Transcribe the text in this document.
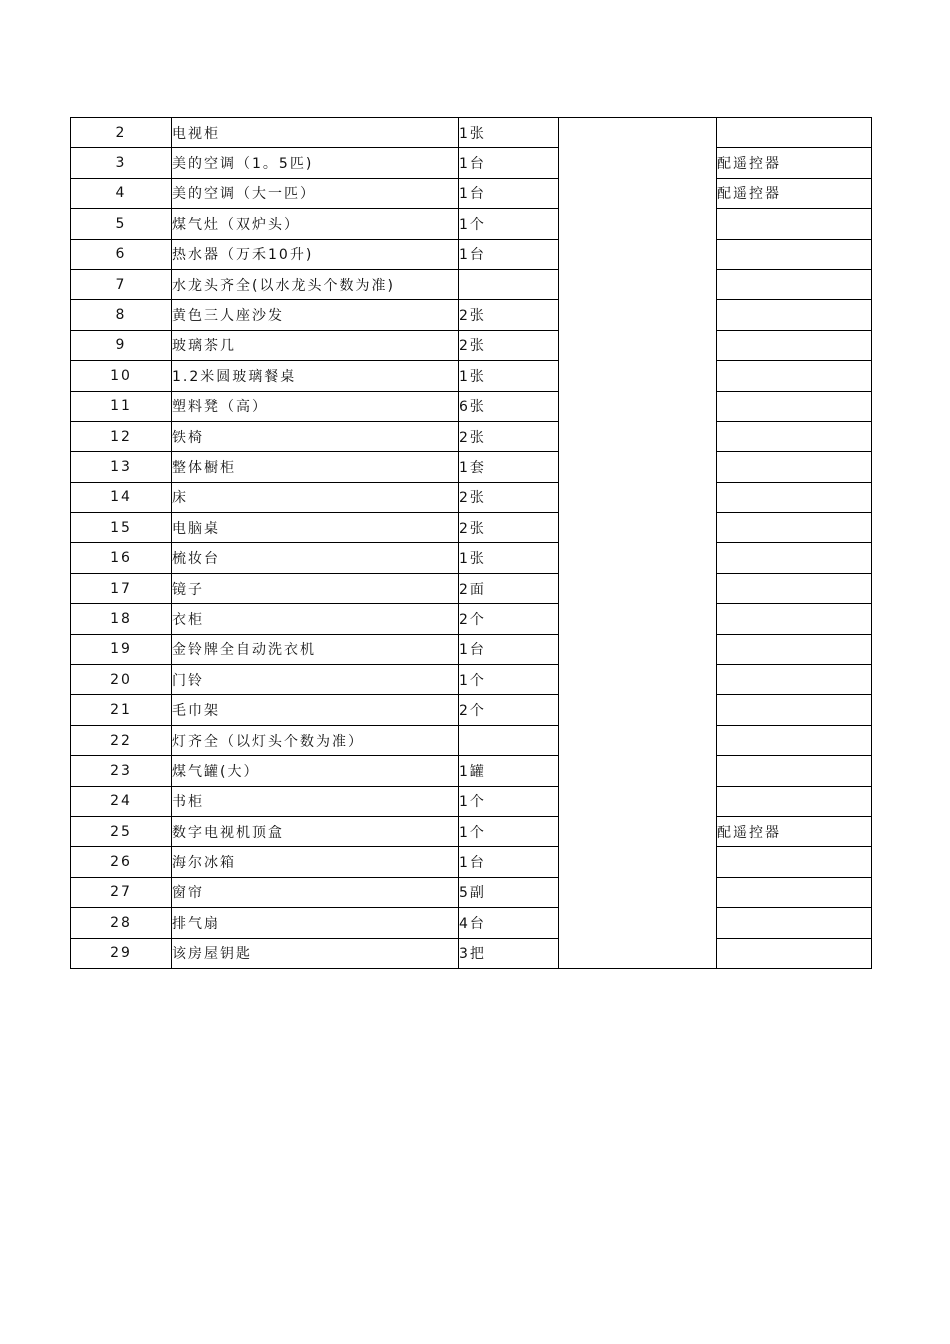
2	电视柜	1张		
3	美的空调（1。5匹)	1台		配遥控器
4	美的空调（大一匹）	1台		配遥控器
5	煤气灶（双炉头）	1个		
6	热水器（万禾10升)	1台		
7	水龙头齐全(以水龙头个数为准)			
8	黄色三人座沙发	2张		
9	玻璃茶几	2张		
10	1.2米圆玻璃餐桌	1张		
11	塑料凳（高）	6张		
12	铁椅	2张		
13	整体橱柜	1套		
14	床	2张		
15	电脑桌	2张		
16	梳妆台	1张		
17	镜子	2面		
18	衣柜	2个		
19	金铃牌全自动洗衣机	1台		
20	门铃	1个		
21	毛巾架	2个		
22	灯齐全（以灯头个数为准）			
23	煤气罐(大）	1罐		
24	书柜	1个		
25	数字电视机顶盒	1个		配遥控器
26	海尔冰箱	1台		
27	窗帘	5副		
28	排气扇	4台		
29	该房屋钥匙	3把		
